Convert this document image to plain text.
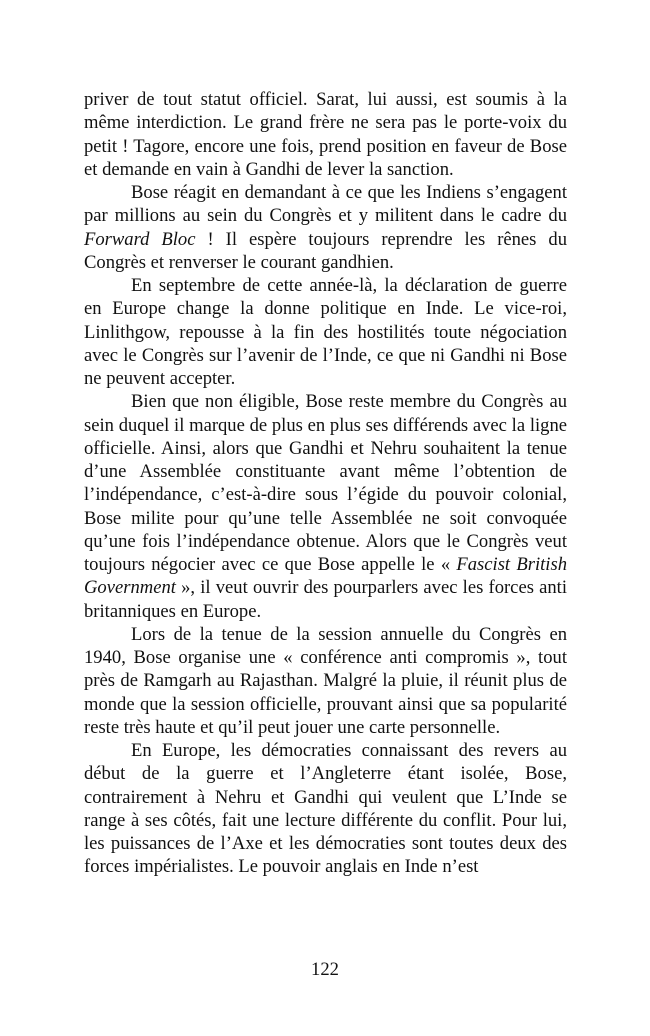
priver de tout statut officiel. Sarat, lui aussi, est soumis à la même interdiction. Le grand frère ne sera pas le porte-voix du petit ! Tagore, encore une fois, prend position en faveur de Bose et demande en vain à Gandhi de lever la sanction.

Bose réagit en demandant à ce que les Indiens s’engagent par millions au sein du Congrès et y militent dans le cadre du Forward Bloc ! Il espère toujours reprendre les rênes du Congrès et renverser le courant gandhien.

En septembre de cette année-là, la déclaration de guerre en Europe change la donne politique en Inde. Le vice-roi, Linlithgow, repousse à la fin des hostilités toute négociation avec le Congrès sur l’avenir de l’Inde, ce que ni Gandhi ni Bose ne peuvent accepter.

Bien que non éligible, Bose reste membre du Congrès au sein duquel il marque de plus en plus ses différends avec la ligne officielle. Ainsi, alors que Gandhi et Nehru souhaitent la tenue d’une Assemblée constituante avant même l’obtention de l’indépendance, c’est-à-dire sous l’égide du pouvoir colonial, Bose milite pour qu’une telle Assemblée ne soit convoquée qu’une fois l’indépendance obtenue. Alors que le Congrès veut toujours négocier avec ce que Bose appelle le « Fascist British Government », il veut ouvrir des pourparlers avec les forces anti britanniques en Europe.

Lors de la tenue de la session annuelle du Congrès en 1940, Bose organise une « conférence anti compromis », tout près de Ramgarh au Rajasthan. Malgré la pluie, il réunit plus de monde que la session officielle, prouvant ainsi que sa popularité reste très haute et qu’il peut jouer une carte personnelle.

En Europe, les démocraties connaissant des revers au début de la guerre et l’Angleterre étant isolée, Bose, contrairement à Nehru et Gandhi qui veulent que L’Inde se range à ses côtés, fait une lecture différente du conflit. Pour lui, les puissances de l’Axe et les démocraties sont toutes deux des forces impérialistes. Le pouvoir anglais en Inde n’est

122
